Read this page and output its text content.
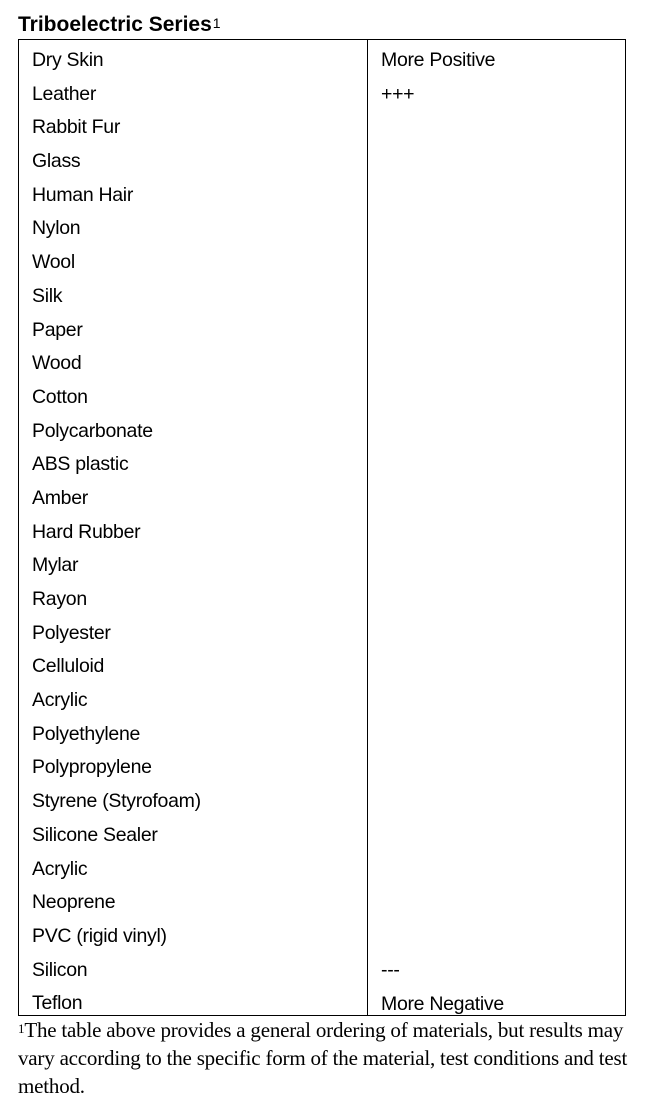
Triboelectric Series$^1$
Dry Skin
Leather
Rabbit Fur
Glass
Human Hair
Nylon
Wool
Silk
Paper
Wood
Cotton
Polycarbonate
ABS plastic
Amber
Hard Rubber
Mylar
Rayon
Polyester
Celluloid
Acrylic
Polyethylene
Polypropylene
Styrene (Styrofoam)
Silicone Sealer
Acrylic
Neoprene
PVC (rigid vinyl)
Silicon
Teflon
More Positive
+++
---
More Negative
$^1$The table above provides a general ordering of materials, but results may vary according to the specific form of the material, test conditions and test method.
